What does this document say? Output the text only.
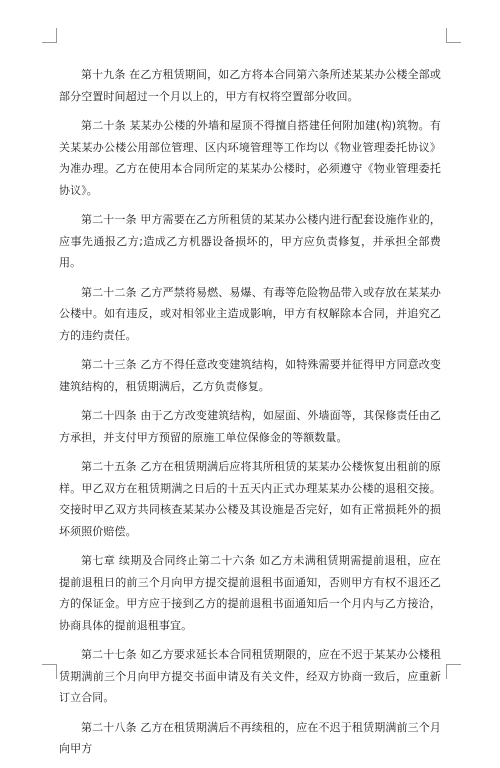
第十九条 在乙方租赁期间，如乙方将本合同第六条所述某某办公楼全部或部分空置时间超过一个月以上的，甲方有权将空置部分收回。

第二十条 某某办公楼的外墙和屋顶不得擅自搭建任何附加建(构)筑物。有关某某办公楼公用部位管理、区内环境管理等工作均以《物业管理委托协议》为准办理。乙方在使用本合同所定的某某办公楼时，必须遵守《物业管理委托协议》。

第二十一条 甲方需要在乙方所租赁的某某办公楼内进行配套设施作业的，应事先通报乙方;造成乙方机器设备损坏的，甲方应负责修复，并承担全部费用。

第二十二条 乙方严禁将易燃、易爆、有毒等危险物品带入或存放在某某办公楼中。如有违反，或对相邻业主造成影响，甲方有权解除本合同，并追究乙方的违约责任。

第二十三条 乙方不得任意改变建筑结构，如特殊需要并征得甲方同意改变建筑结构的，租赁期满后，乙方负责修复。

第二十四条 由于乙方改变建筑结构，如屋面、外墙面等，其保修责任由乙方承担，并支付甲方预留的原施工单位保修金的等额数量。

第二十五条 乙方在租赁期满后应将其所租赁的某某办公楼恢复出租前的原样。甲乙双方在租赁期满之日后的十五天内正式办理某某办公楼的退租交接。交接时甲乙双方共同核查某某办公楼及其设施是否完好，如有正常损耗外的损坏须照价赔偿。

第七章 续期及合同终止第二十六条 如乙方未满租赁期需提前退租，应在提前退租日的前三个月向甲方提交提前退租书面通知，否则甲方有权不退还乙方的保证金。甲方应于接到乙方的提前退租书面通知后一个月内与乙方接洽，协商具体的提前退租事宜。

第二十七条 如乙方要求延长本合同租赁期限的，应在不迟于某某办公楼租赁期满前三个月向甲方提交书面申请及有关文件，经双方协商一致后，应重新订立合同。

第二十八条 乙方在租赁期满后不再续租的，应在不迟于租赁期满前三个月向甲方
